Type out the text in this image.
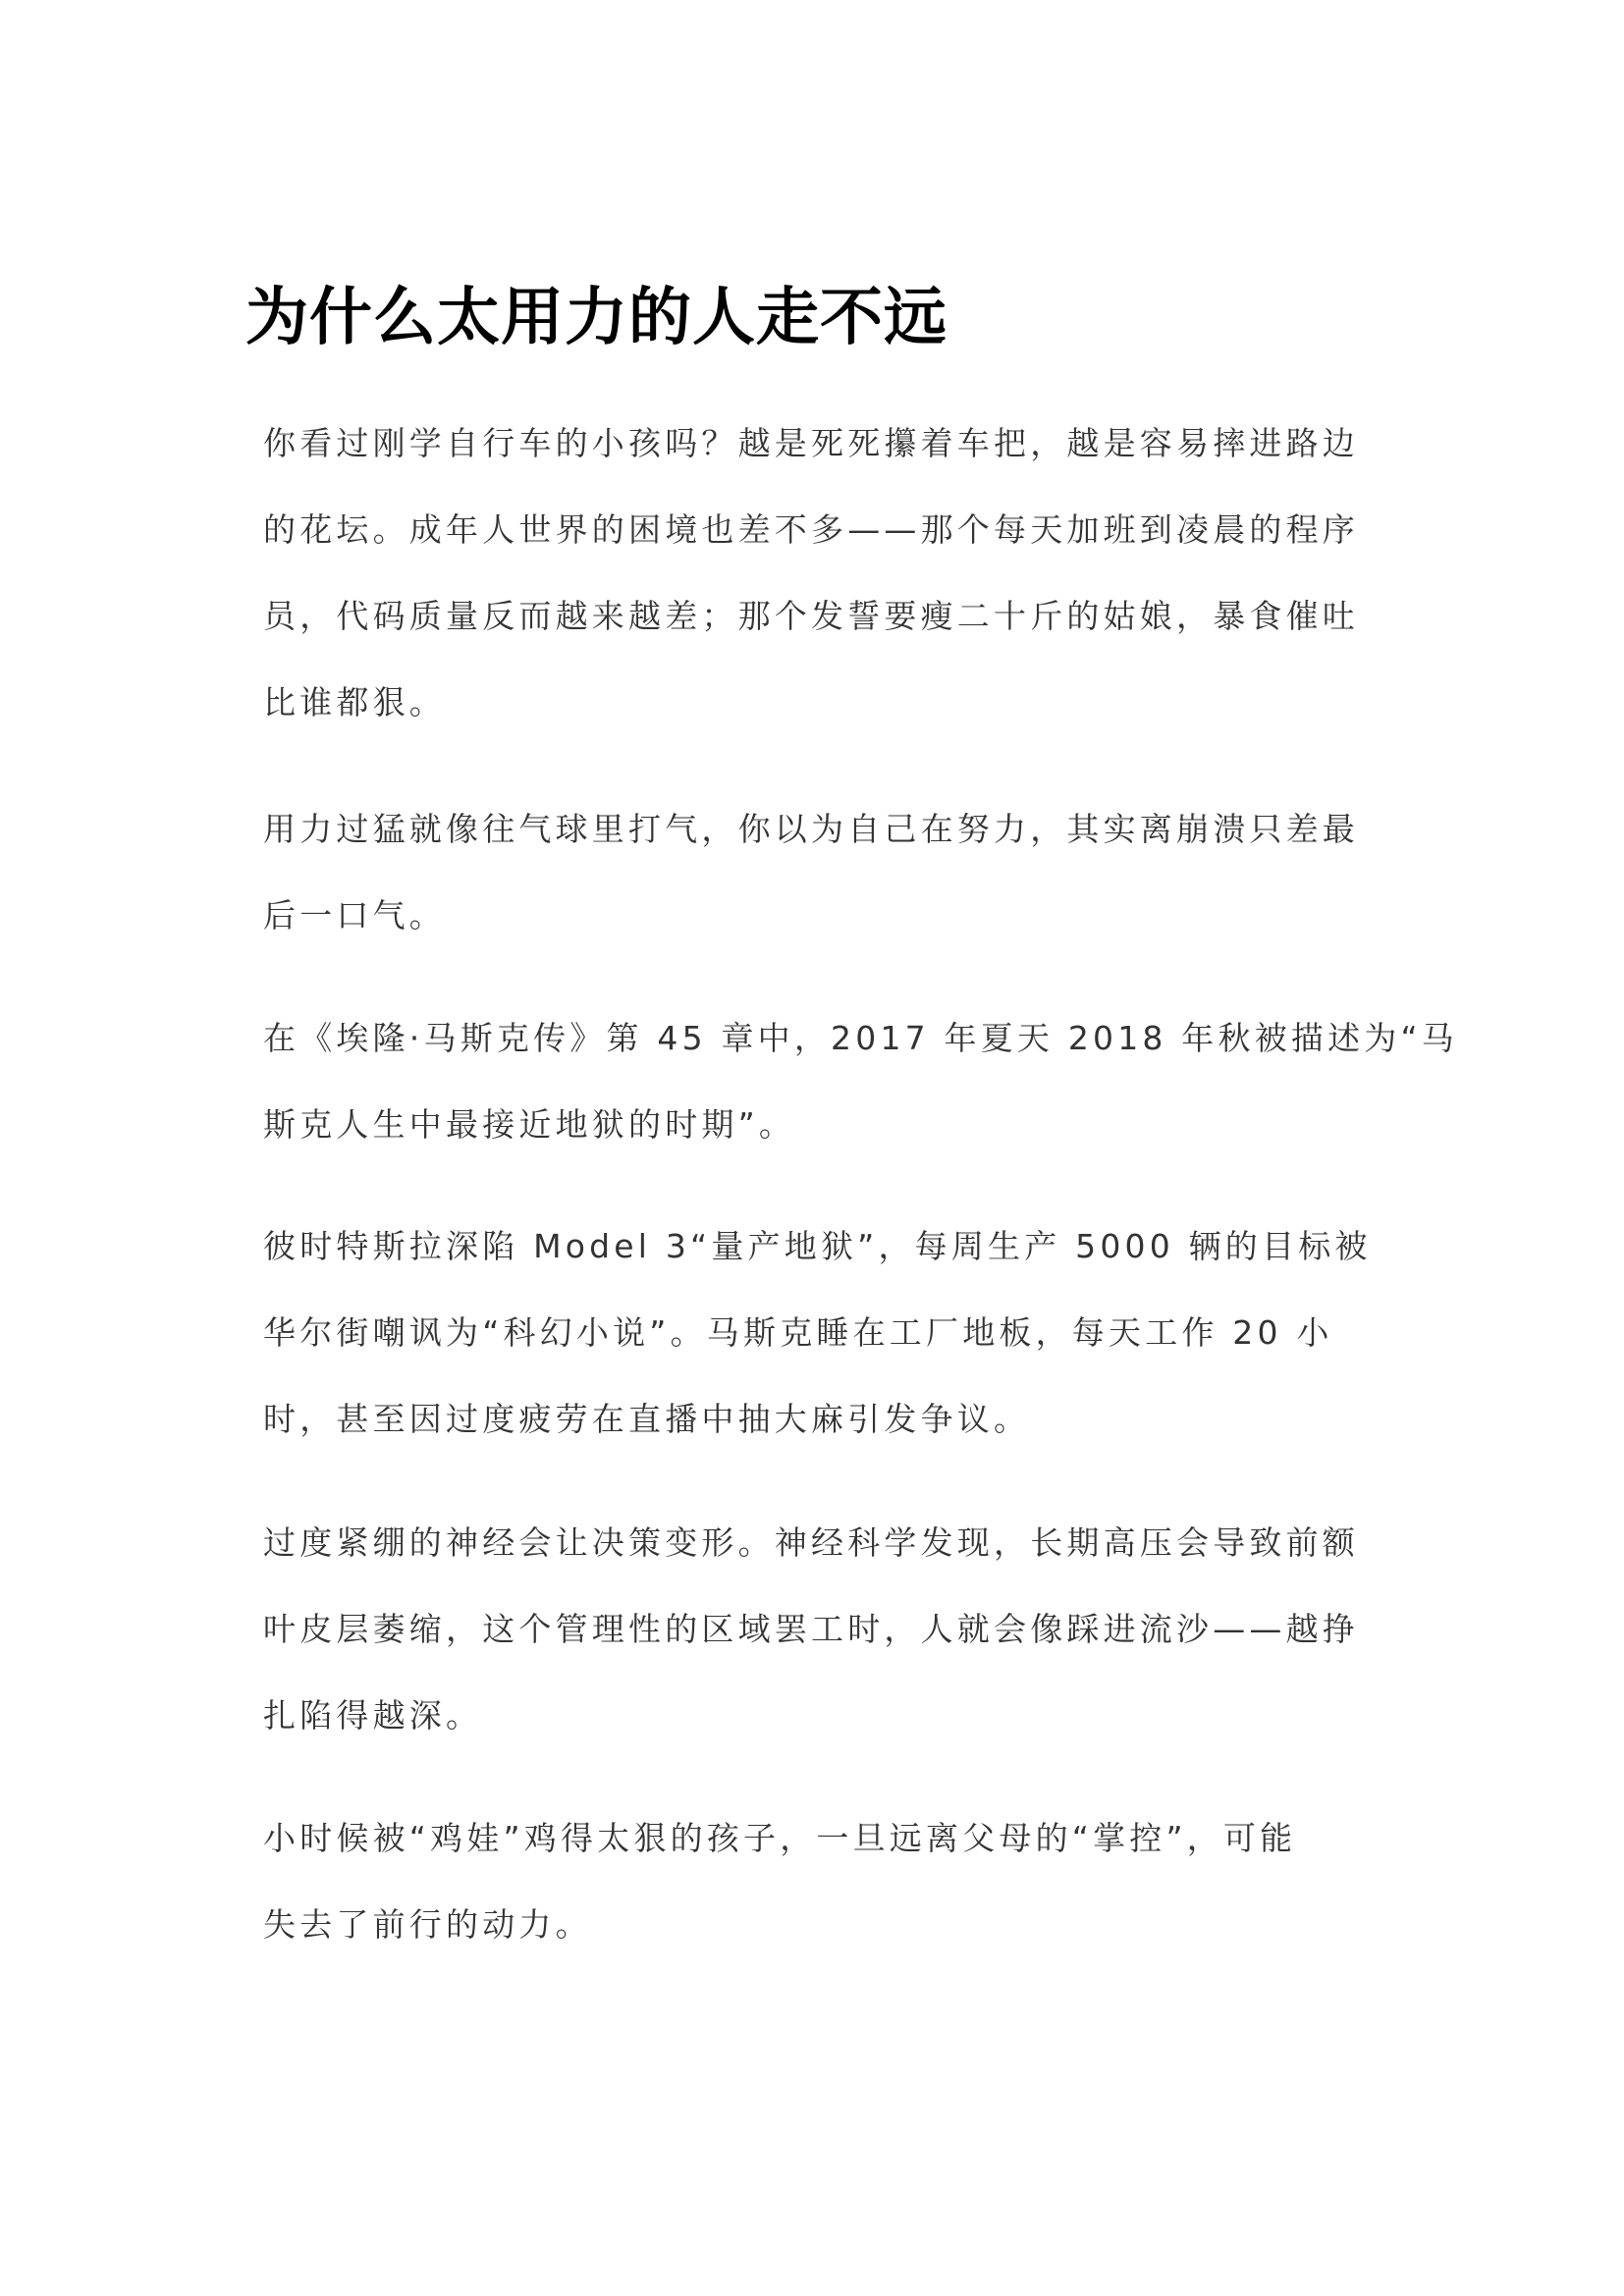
为什么太用力的人走不远
你看过刚学自行车的小孩吗？越是死死攥着车把，越是容易摔进路边
的花坛。成年人世界的困境也差不多——那个每天加班到凌晨的程序
员，代码质量反而越来越差；那个发誓要瘦二十斤的姑娘，暴食催吐
比谁都狠。
用力过猛就像往气球里打气，你以为自己在努力，其实离崩溃只差最
后一口气。
在《埃隆·马斯克传》第 45 章中，2017 年夏天 2018 年秋被描述为“马
斯克人生中最接近地狱的时期”。
彼时特斯拉深陷 Model 3“量产地狱”，每周生产 5000 辆的目标被
华尔街嘲讽为“科幻小说”。马斯克睡在工厂地板，每天工作 20 小
时，甚至因过度疲劳在直播中抽大麻引发争议。
过度紧绷的神经会让决策变形。神经科学发现，长期高压会导致前额
叶皮层萎缩，这个管理性的区域罢工时，人就会像踩进流沙——越挣
扎陷得越深。
小时候被“鸡娃”鸡得太狠的孩子，一旦远离父母的“掌控”，可能
失去了前行的动力。
